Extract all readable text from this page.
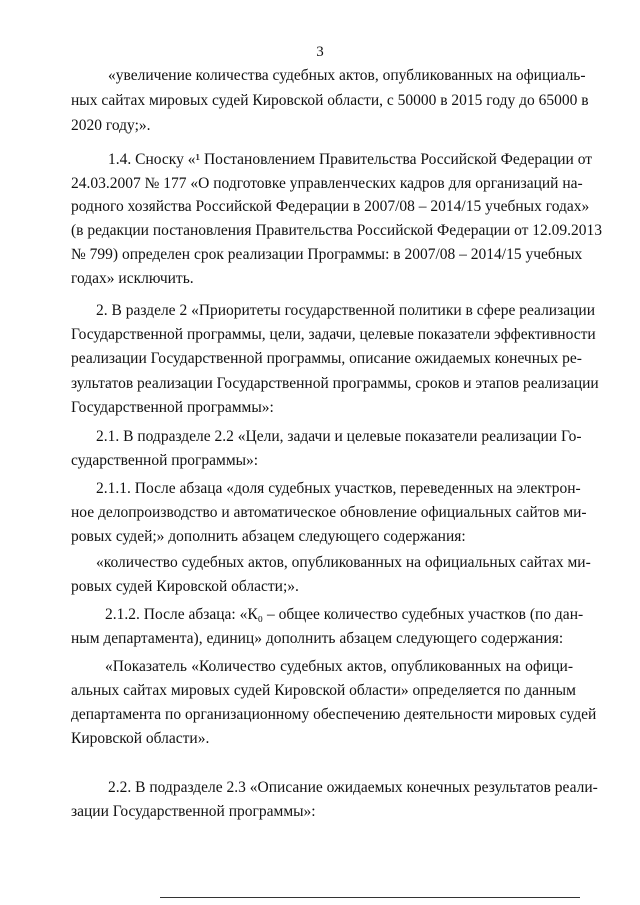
3
«увеличение количества судебных актов, опубликованных на официаль-
ных сайтах мировых судей Кировской области, с 50000 в 2015 году до 65000 в
2020 году;».
1.4. Сноску «¹ Постановлением Правительства Российской Федерации от
24.03.2007 № 177 «О подготовке управленческих кадров для организаций на-
родного хозяйства Российской Федерации в 2007/08 – 2014/15 учебных годах»
(в редакции постановления Правительства Российской Федерации от 12.09.2013
№ 799) определен срок реализации Программы: в 2007/08 – 2014/15 учебных
годах» исключить.
2. В разделе 2 «Приоритеты государственной политики в сфере реализации
Государственной программы, цели, задачи, целевые показатели эффективности
реализации Государственной программы, описание ожидаемых конечных ре-
зультатов реализации Государственной программы, сроков и этапов реализации
Государственной программы»:
2.1. В подразделе 2.2 «Цели, задачи и целевые показатели реализации Го-
сударственной программы»:
2.1.1. После абзаца «доля судебных участков, переведенных на электрон-
ное делопроизводство и автоматическое обновление официальных сайтов ми-
ровых судей;» дополнить абзацем следующего содержания:
«количество судебных актов, опубликованных на официальных сайтах ми-
ровых судей Кировской области;».
2.1.2. После абзаца: «К₀ – общее количество судебных участков (по дан-
ным департамента), единиц» дополнить абзацем следующего содержания:
«Показатель «Количество судебных актов, опубликованных на офици-
альных сайтах мировых судей Кировской области» определяется по данным
департамента по организационному обеспечению деятельности мировых судей
Кировской области».
2.2. В подразделе 2.3 «Описание ожидаемых конечных результатов реали-
зации Государственной программы»:
